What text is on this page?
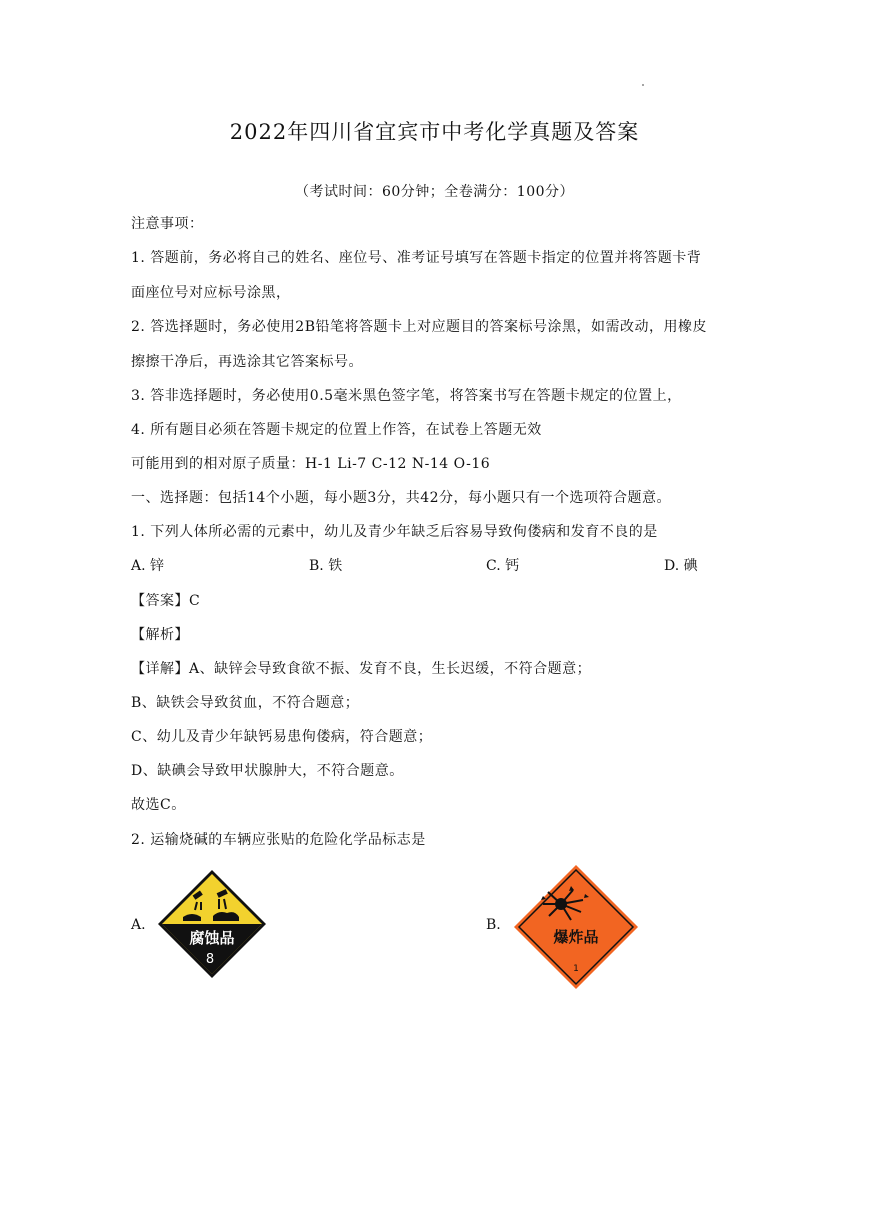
2022年四川省宜宾市中考化学真题及答案
（考试时间：60分钟；全卷满分：100分）
注意事项：
1. 答题前，务必将自己的姓名、座位号、准考证号填写在答题卡指定的位置并将答题卡背
面座位号对应标号涂黑，
2. 答选择题时，务必使用2B铅笔将答题卡上对应题目的答案标号涂黑，如需改动，用橡皮
擦擦干净后，再选涂其它答案标号。
3. 答非选择题时，务必使用0.5毫米黑色签字笔，将答案书写在答题卡规定的位置上，
4. 所有题目必须在答题卡规定的位置上作答，在试卷上答题无效
可能用到的相对原子质量：H-1 Li-7 C-12 N-14 O-16
一、选择题：包括14个小题，每小题3分，共42分，每小题只有一个选项符合题意。
1. 下列人体所必需的元素中，幼儿及青少年缺乏后容易导致佝偻病和发育不良的是
A. 锌	B. 铁	C. 钙	D. 碘
【答案】C
【解析】
【详解】A、缺锌会导致食欲不振、发育不良，生长迟缓，不符合题意；
B、缺铁会导致贫血，不符合题意；
C、幼儿及青少年缺钙易患佝偻病，符合题意；
D、缺碘会导致甲状腺肿大，不符合题意。
故选C。
2. 运输烧碱的车辆应张贴的危险化学品标志是
A.
腐蚀品
8
B.
爆炸品
1
